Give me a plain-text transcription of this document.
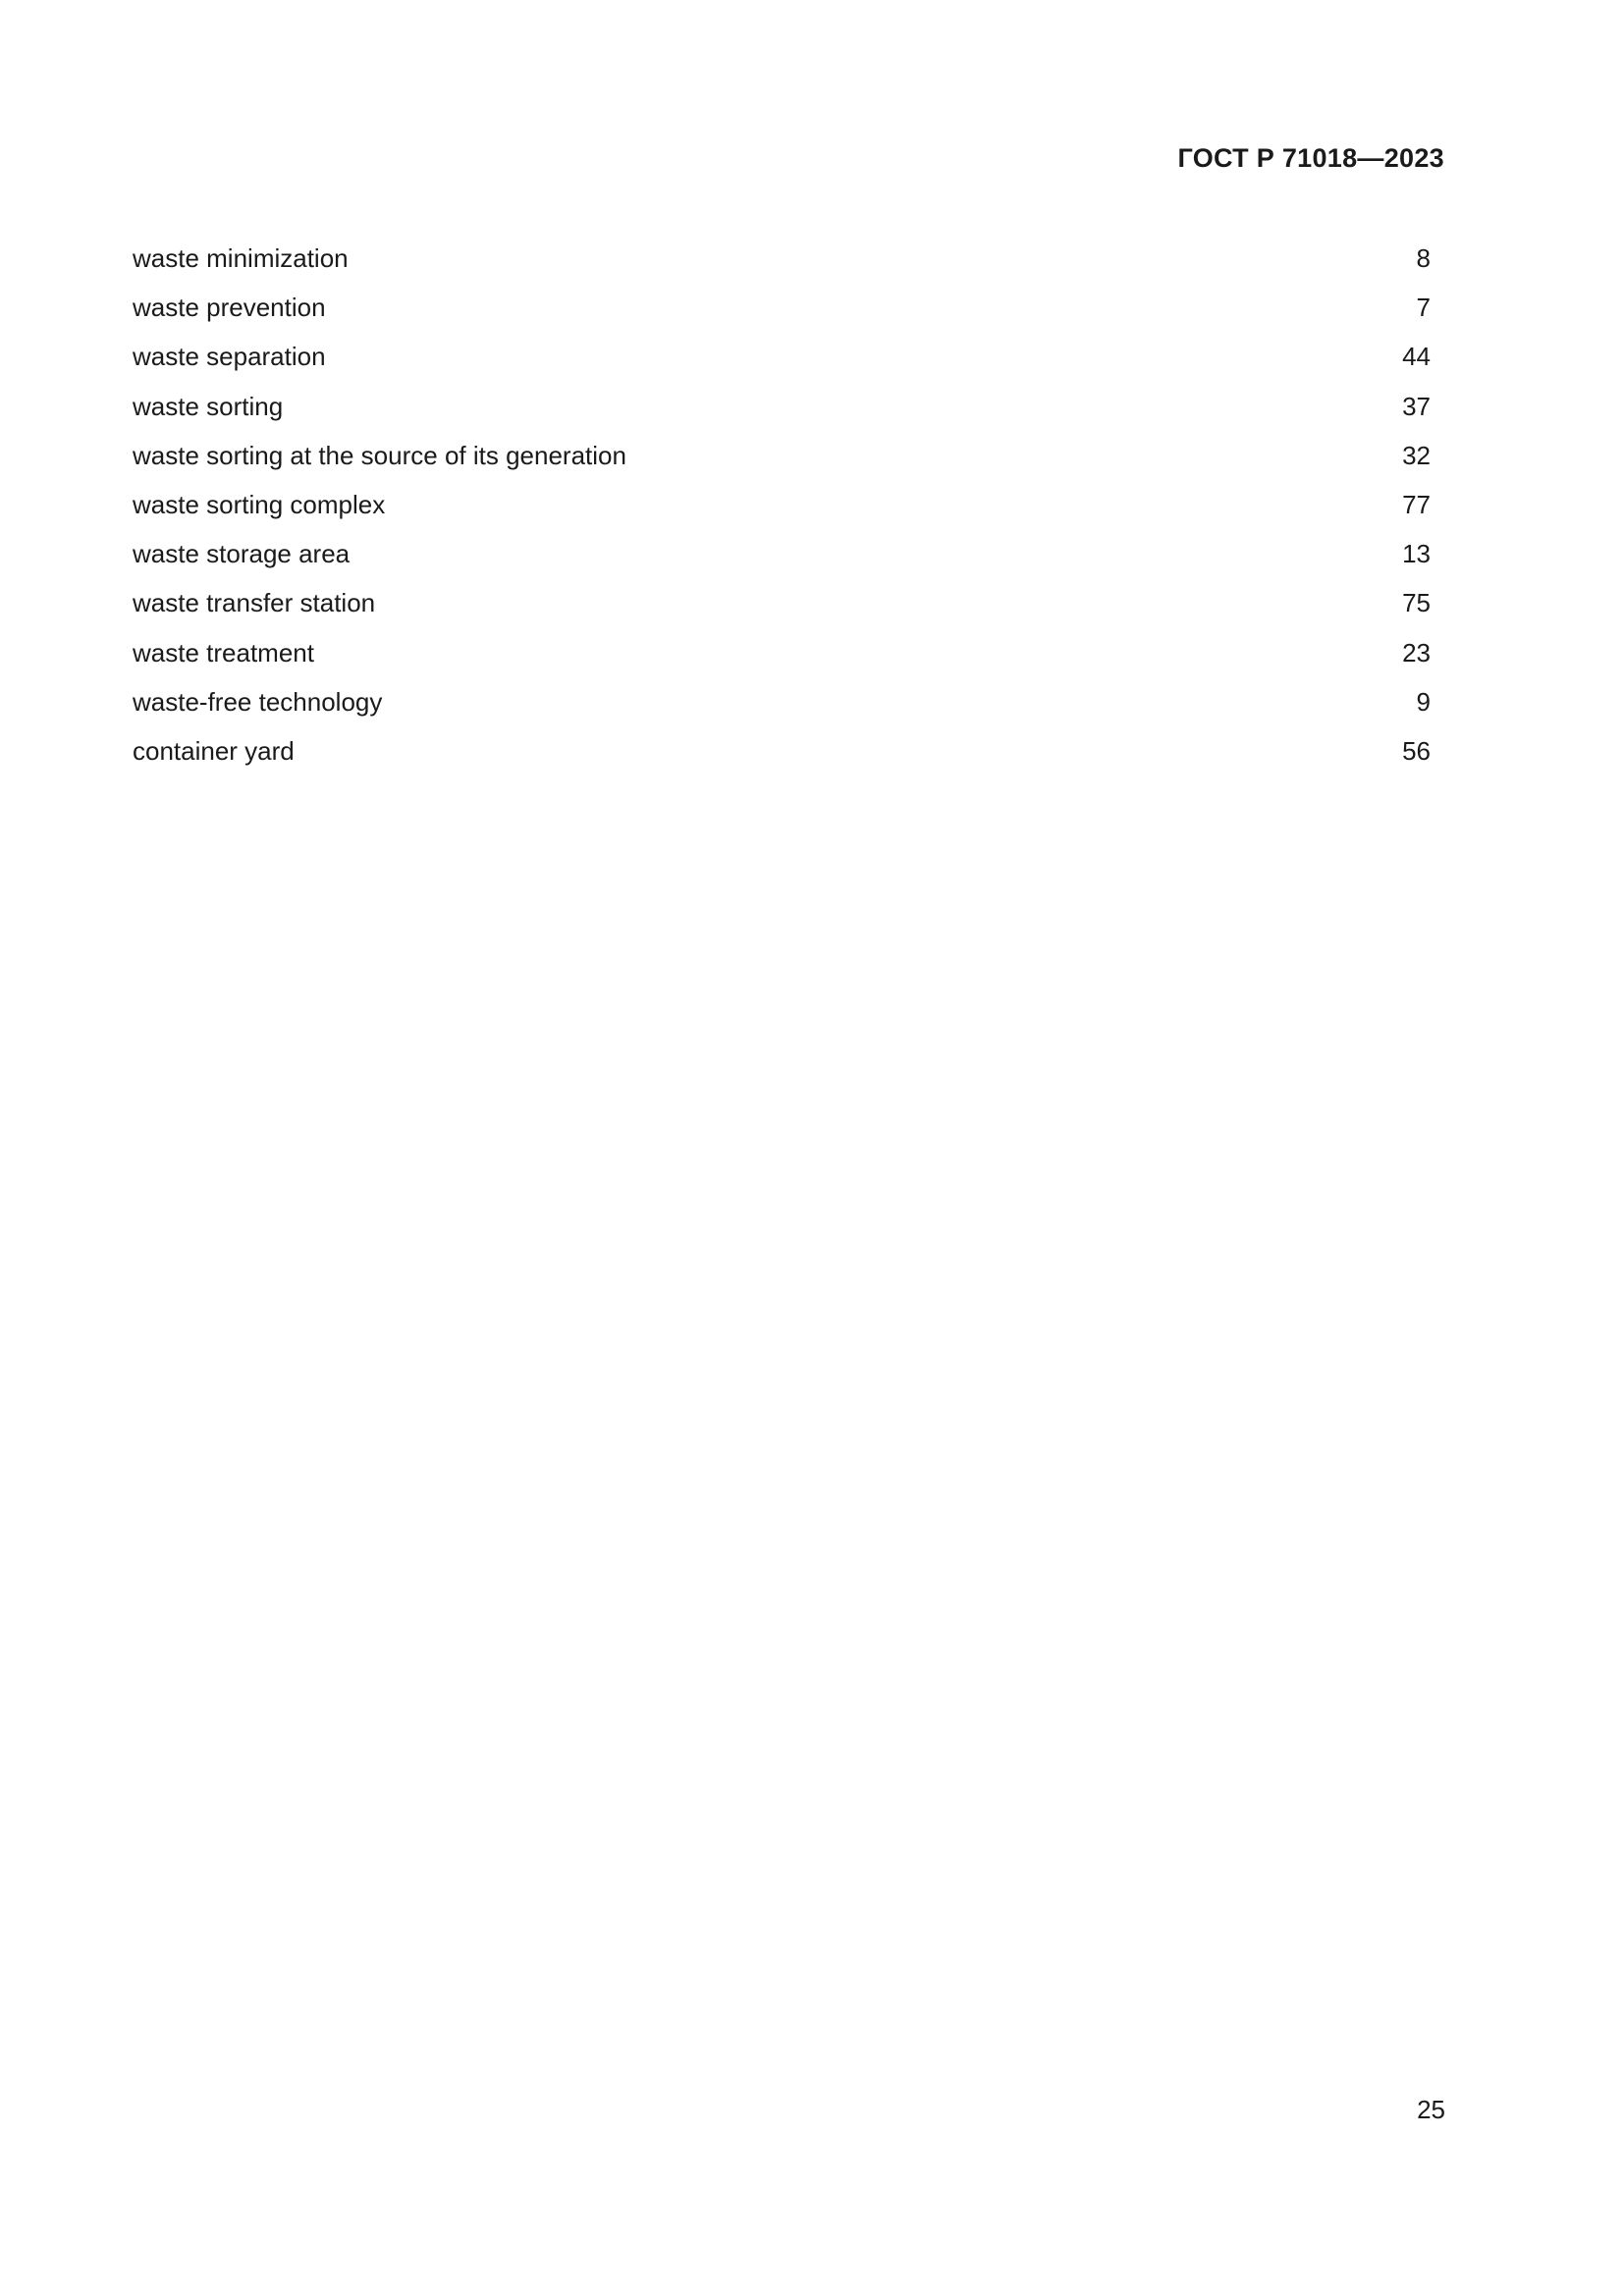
ГОСТ Р 71018—2023
waste minimization	8
waste prevention	7
waste separation	44
waste sorting	37
waste sorting at the source of its generation	32
waste sorting complex	77
waste storage area	13
waste transfer station	75
waste treatment	23
waste-free technology	9
container yard	56
25
